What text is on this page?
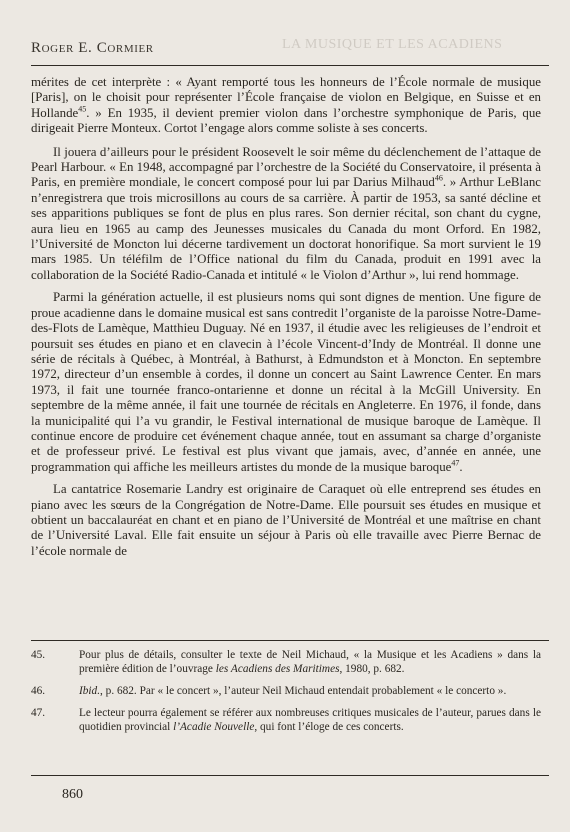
LA MUSIQUE ET LES ACADIENS
Roger E. Cormier

mérites de cet interprète : « Ayant remporté tous les honneurs de l’École normale de musique [Paris], on le choisit pour représenter l’École française de violon en Belgique, en Suisse et en Hollande$^{45}$. » En 1935, il devient premier violon dans l’orchestre symphonique de Paris, que dirigeait Pierre Monteux. Cortot l’engage alors comme soliste à ses concerts.

Il jouera d’ailleurs pour le président Roosevelt le soir même du déclenchement de l’attaque de Pearl Harbour. « En 1948, accompagné par l’orchestre de la Société du Conservatoire, il présenta à Paris, en première mondiale, le concert composé pour lui par Darius Milhaud$^{46}$. » Arthur LeBlanc n’enregistrera que trois microsillons au cours de sa carrière. À partir de 1953, sa santé décline et ses apparitions publiques se font de plus en plus rares. Son dernier récital, son chant du cygne, aura lieu en 1965 au camp des Jeunesses musicales du Canada du mont Orford. En 1982, l’Université de Moncton lui décerne tardivement un doctorat honorifique. Sa mort survient le 19 mars 1985. Un téléfilm de l’Office national du film du Canada, produit en 1991 avec la collaboration de la Société Radio-Canada et intitulé « le Violon d’Arthur », lui rend hommage.

Parmi la génération actuelle, il est plusieurs noms qui sont dignes de mention. Une figure de proue acadienne dans le domaine musical est sans contredit l’organiste de la paroisse Notre-Dame-des-Flots de Lamèque, Matthieu Duguay. Né en 1937, il étudie avec les religieuses de l’endroit et poursuit ses études en piano et en clavecin à l’école Vincent-d’Indy de Montréal. Il donne une série de récitals à Québec, à Montréal, à Bathurst, à Edmundston et à Moncton. En septembre 1972, directeur d’un ensemble à cordes, il donne un concert au Saint Lawrence Center. En mars 1973, il fait une tournée franco-ontarienne et donne un récital à la McGill University. En septembre de la même année, il fait une tournée de récitals en Angleterre. En 1976, il fonde, dans la municipalité qui l’a vu grandir, le Festival international de musique baroque de Lamèque. Il continue encore de produire cet événement chaque année, tout en assumant sa charge d’organiste et de professeur privé. Le festival est plus vivant que jamais, avec, d’année en année, une programmation qui affiche les meilleurs artistes du monde de la musique baroque$^{47}$.

La cantatrice Rosemarie Landry est originaire de Caraquet où elle entreprend ses études en piano avec les sœurs de la Congrégation de Notre-Dame. Elle poursuit ses études en musique et obtient un baccalauréat en chant et en piano de l’Université de Montréal et une maîtrise en chant de l’Université Laval. Elle fait ensuite un séjour à Paris où elle travaille avec Pierre Bernac de l’école normale de

45.	Pour plus de détails, consulter le texte de Neil Michaud, « la Musique et les Acadiens » dans la première édition de l’ouvrage les Acadiens des Maritimes, 1980, p. 682.
46.	Ibid., p. 682. Par « le concert », l’auteur Neil Michaud entendait probablement « le concerto ».
47.	Le lecteur pourra également se référer aux nombreuses critiques musicales de l’auteur, parues dans le quotidien provincial l’Acadie Nouvelle, qui font l’éloge de ces concerts.
860
